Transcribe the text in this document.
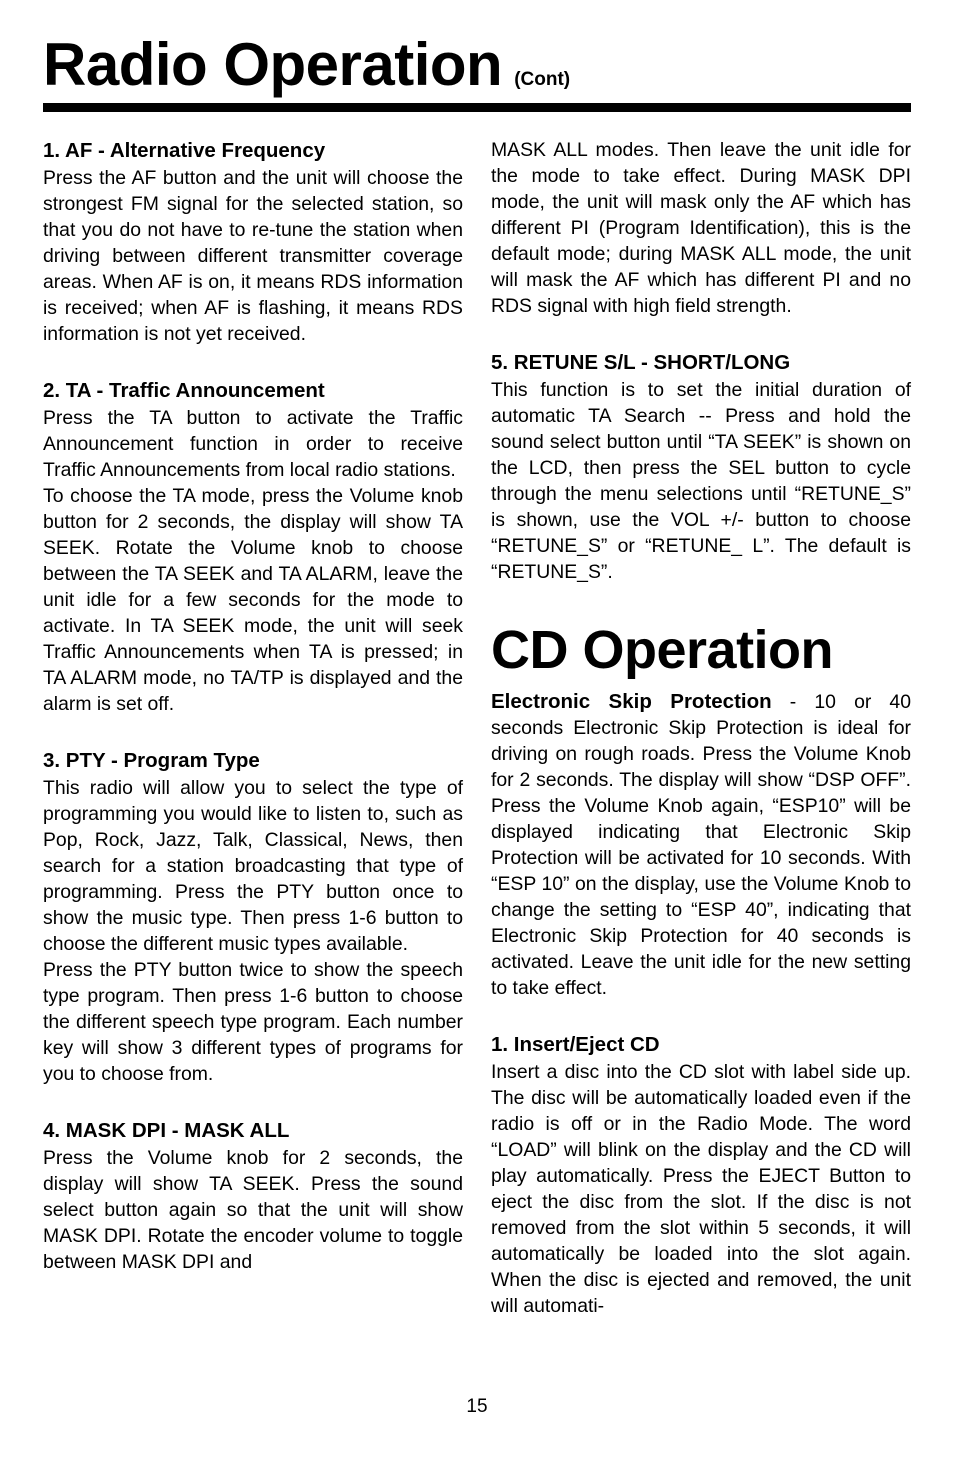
Radio Operation (Cont)
1. AF - Alternative Frequency

Press the AF button and the unit will choose the strongest FM signal for the selected station, so that you do not have to re-tune the station when driving between different transmitter coverage areas. When AF is on, it means RDS information is received; when AF is flashing, it means RDS information is not yet received.

2. TA - Traffic Announcement

Press the TA button to activate the Traffic Announcement function in order to receive Traffic Announcements from local radio stations.

To choose the TA mode, press the Volume knob button for 2 seconds, the display will show TA SEEK. Rotate the Volume knob to choose between the TA SEEK and TA ALARM, leave the unit idle for a few seconds for the mode to activate. In TA SEEK mode, the unit will seek Traffic Announcements when TA is pressed; in TA ALARM mode, no TA/TP is displayed and the alarm is set off.

3. PTY - Program Type

This radio will allow you to select the type of programming you would like to listen to, such as Pop, Rock, Jazz, Talk, Classical, News, then search for a station broadcasting that type of programming. Press the PTY button once to show the music type. Then press 1-6 button to choose the different music types available.

Press the PTY button twice to show the speech type program. Then press 1-6 button to choose the different speech type program. Each number key will show 3 different types of programs for you to choose from.

4. MASK DPI - MASK ALL

Press the Volume knob for 2 seconds, the display will show TA SEEK. Press the sound select button again so that the unit will show MASK DPI. Rotate the encoder volume to toggle between MASK DPI and

MASK ALL modes. Then leave the unit idle for the mode to take effect. During MASK DPI mode, the unit will mask only the AF which has different PI (Program Identification), this is the default mode; during MASK ALL mode, the unit will mask the AF which has different PI and no RDS signal with high field strength.

5. RETUNE S/L - SHORT/LONG

This function is to set the initial duration of automatic TA Search -- Press and hold the sound select button until “TA SEEK” is shown on the LCD, then press the SEL button to cycle through the menu selections until “RETUNE_S” is shown, use the VOL +/- button to choose “RETUNE_S” or “RETUNE_ L”. The default is “RETUNE_S”.

CD Operation

Electronic Skip Protection - 10 or 40 seconds Electronic Skip Protection is ideal for driving on rough roads. Press the Volume Knob for 2 seconds. The display will show “DSP OFF”. Press the Volume Knob again, “ESP10” will be displayed indicating that Electronic Skip Protection will be activated for 10 seconds. With “ESP 10” on the display, use the Volume Knob to change the setting to “ESP 40”, indicating that Electronic Skip Protection for 40 seconds is activated. Leave the unit idle for the new setting to take effect.

1. Insert/Eject CD

Insert a disc into the CD slot with label side up. The disc will be automatically loaded even if the radio is off or in the Radio Mode. The word “LOAD” will blink on the display and the CD will play automatically. Press the EJECT Button to eject the disc from the slot. If the disc is not removed from the slot within 5 seconds, it will automatically be loaded into the slot again. When the disc is ejected and removed, the unit will automati-

15
